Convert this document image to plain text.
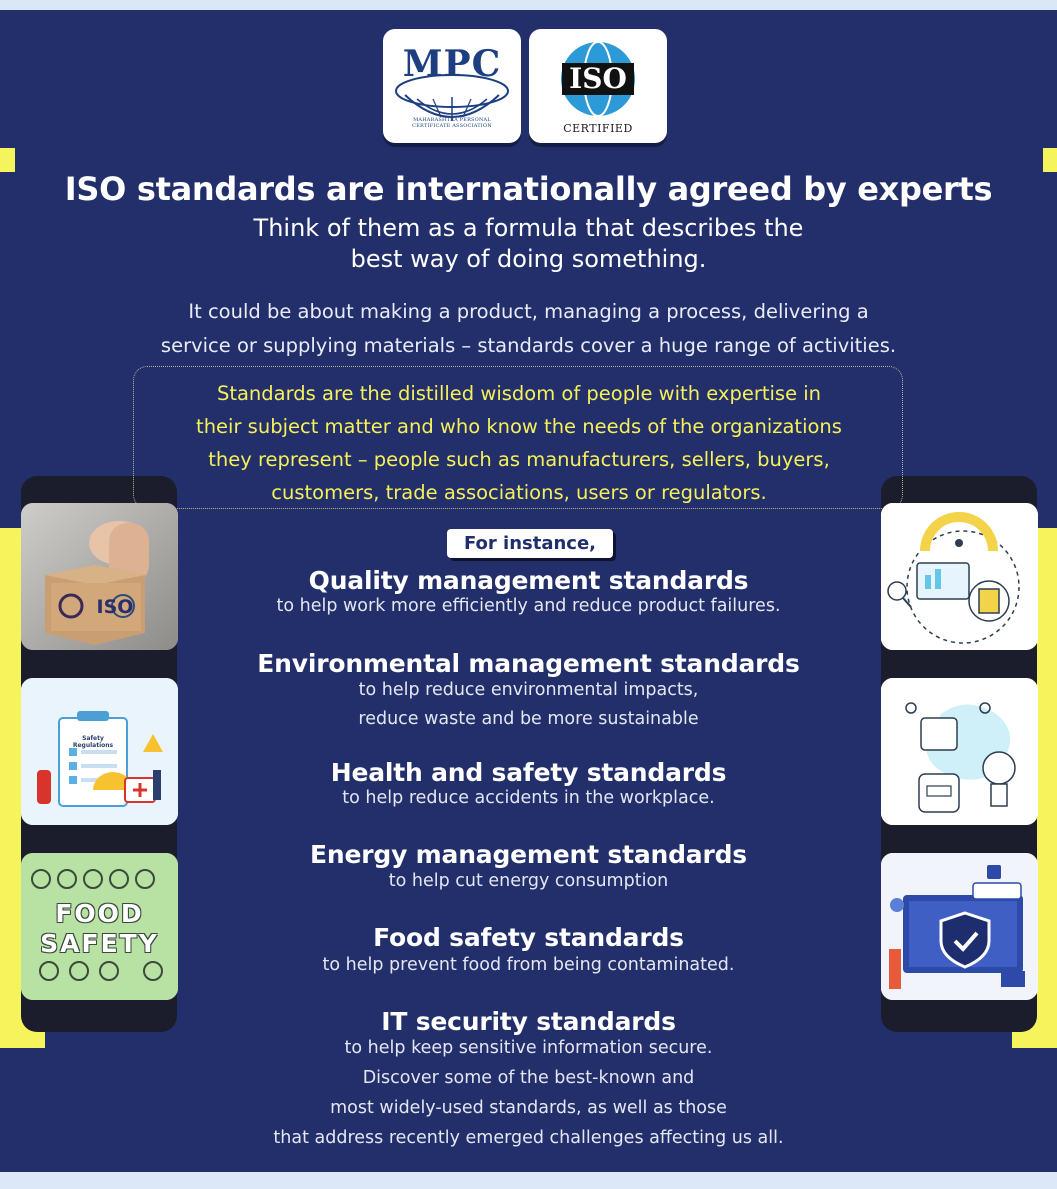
MPC
MAHARASHTRA PERSONAL CERTIFICATE ASSOCIATION
ISO
CERTIFIED
ISO standards are internationally agreed by experts
Think of them as a formula that describes the
best way of doing something.
It could be about making a product, managing a process, delivering a
service or supplying materials – standards cover a huge range of activities.
Standards are the distilled wisdom of people with expertise in
their subject matter and who know the needs of the organizations
they represent – people such as manufacturers, sellers, buyers,
customers, trade associations, users or regulators.
For instance,
Quality management standards

to help work more efficiently and reduce product failures.

Environmental management standards

to help reduce environmental impacts,

reduce waste and be more sustainable

Health and safety standards

to help reduce accidents in the workplace.

Energy management standards

to help cut energy consumption

Food safety standards

to help prevent food from being contaminated.

IT security standards

to help keep sensitive information secure.

Discover some of the best-known and

most widely-used standards, as well as those

that address recently emerged challenges affecting us all.

ISO
Safety Regulations
FOOD
SAFETY
